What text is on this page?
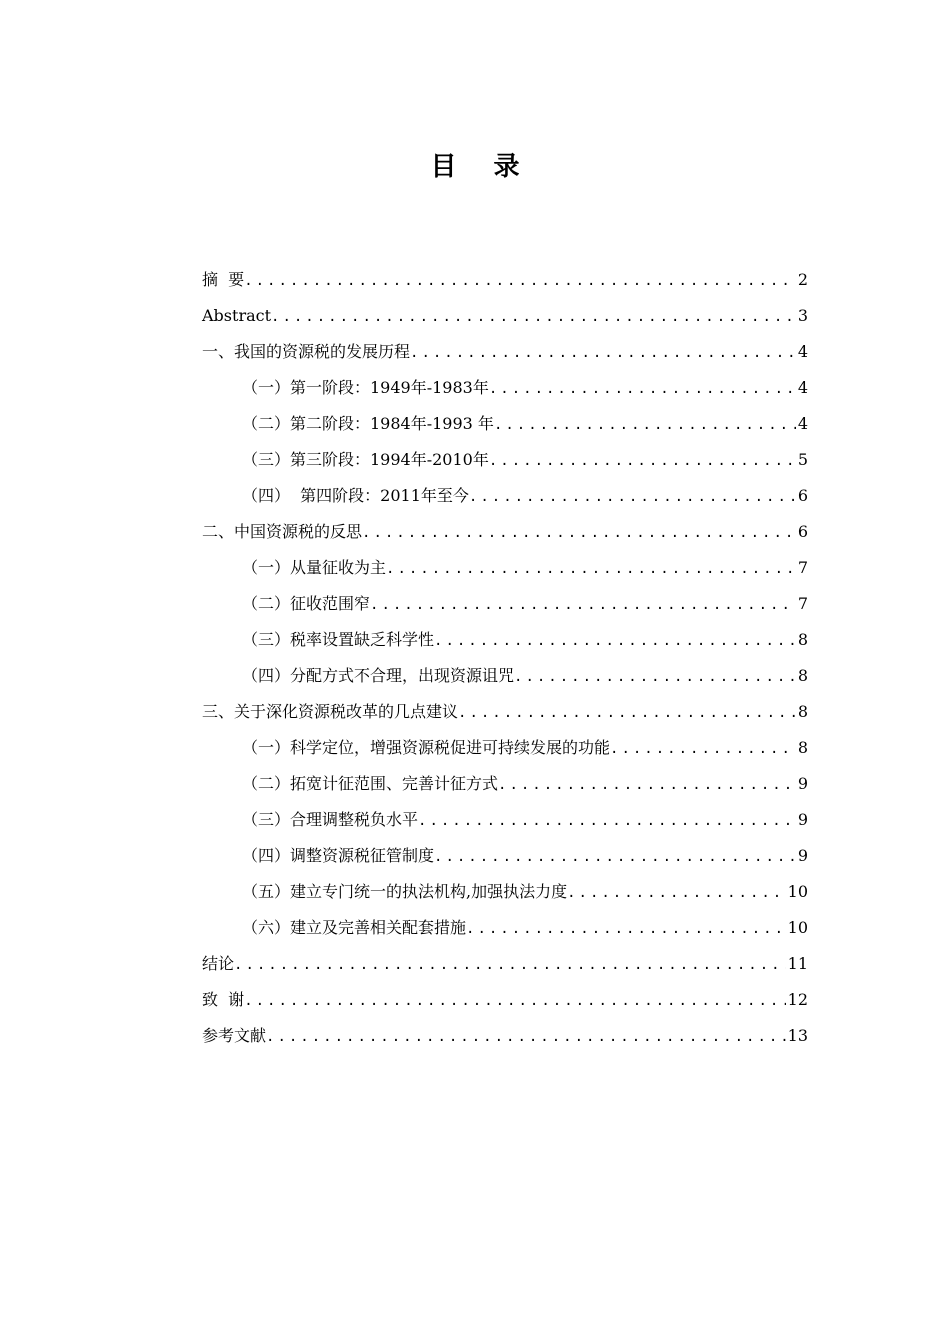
目 录
摘  要 .....	2
Abstract .....	3
一、我国的资源税的发展历程 .....	4
（一）第一阶段：1949年-1983年 .....	4
（二）第二阶段：1984年-1993 年 .....	4
（三）第三阶段：1994年-2010年 .....	5
（四）  第四阶段：2011年至今 .....	6
二、中国资源税的反思 .....	6
（一）从量征收为主 .....	7
（二）征收范围窄 .....	7
（三）税率设置缺乏科学性 .....	8
（四）分配方式不合理，出现资源诅咒 .....	8
三、关于深化资源税改革的几点建议 .....	8
（一）科学定位，增强资源税促进可持续发展的功能 .....	8
（二）拓宽计征范围、完善计征方式 .....	9
（三）合理调整税负水平 .....	9
（四）调整资源税征管制度 .....	9
（五）建立专门统一的执法机构,加强执法力度 .....	10
（六）建立及完善相关配套措施 .....	10
结论 .....	11
致  谢 .....	12
参考文献 .....	13
